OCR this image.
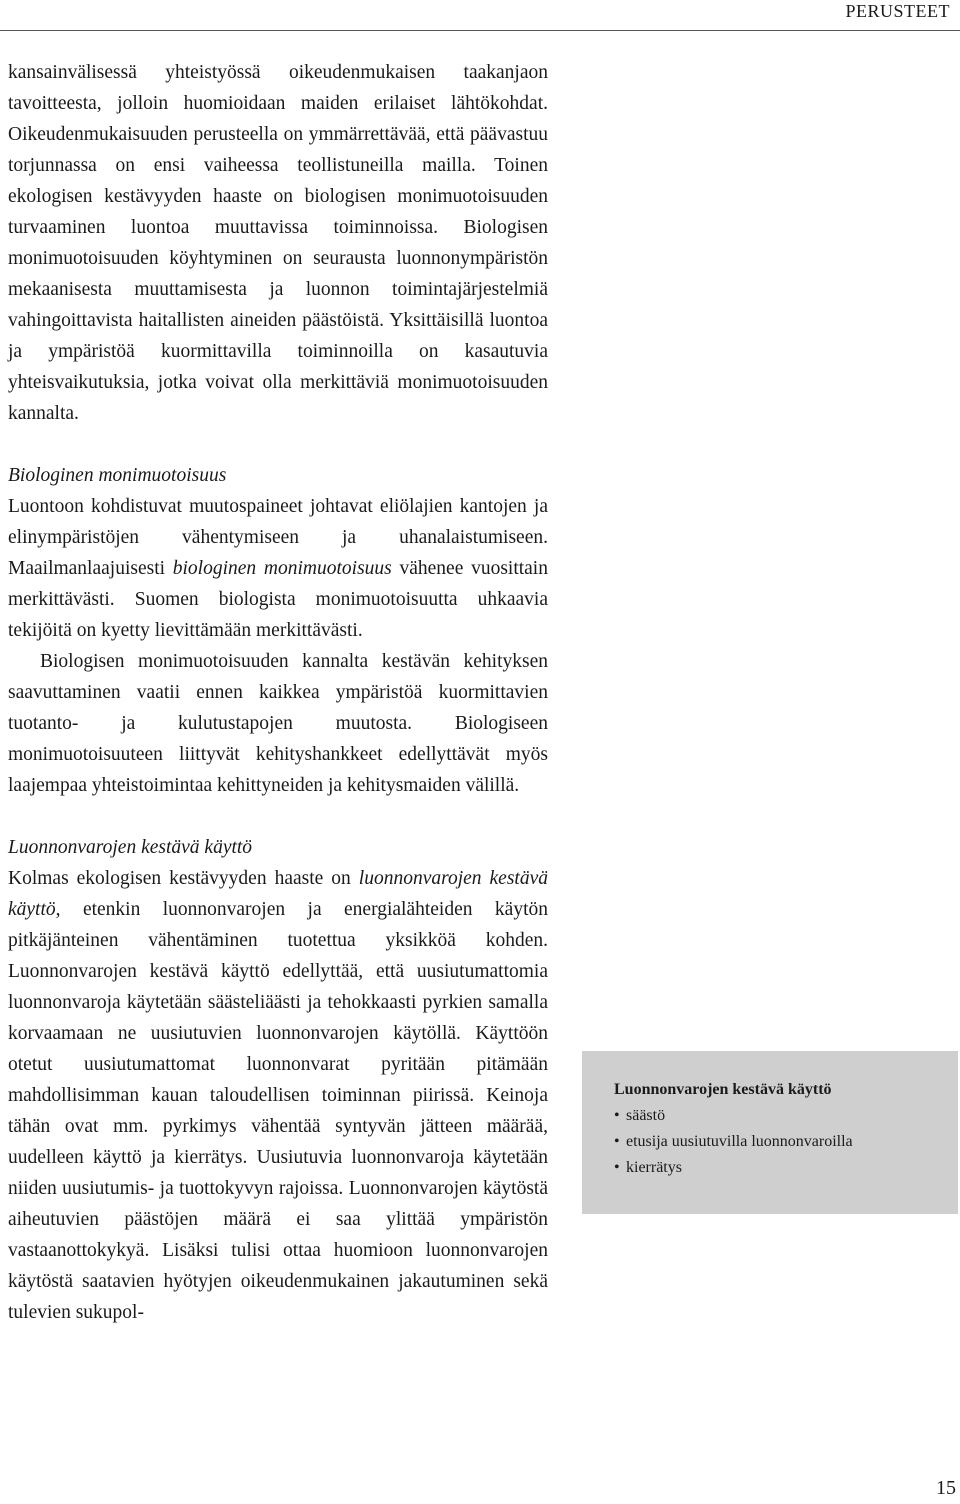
PERUSTEET

kansainvälisessä yhteistyössä oikeudenmukaisen taakanjaon tavoitteesta, jolloin huomioidaan maiden erilaiset lähtökohdat. Oikeudenmukaisuuden perusteella on ymmärrettävää, että päävastuu torjunnassa on ensi vaiheessa teollistuneilla mailla. Toinen ekologisen kestävyyden haaste on biologisen monimuotoisuuden turvaaminen luontoa muuttavissa toiminnoissa. Biologisen monimuotoisuuden köyhtyminen on seurausta luonnonympäristön mekaanisesta muuttamisesta ja luonnon toimintajärjestelmiä vahingoittavista haitallisten aineiden päästöistä. Yksittäisillä luontoa ja ympäristöä kuormittavilla toiminnoilla on kasautuvia yhteisvaikutuksia, jotka voivat olla merkittäviä monimuotoisuuden kannalta.

Biologinen monimuotoisuus

Luontoon kohdistuvat muutospaineet johtavat eliölajien kantojen ja elinympäristöjen vähentymiseen ja uhanalaistumiseen. Maailmanlaajuisesti biologinen monimuotoisuus vähenee vuosittain merkittävästi. Suomen biologista monimuotoisuutta uhkaavia tekijöitä on kyetty lievittämään merkittävästi.

Biologisen monimuotoisuuden kannalta kestävän kehityksen saavuttaminen vaatii ennen kaikkea ympäristöä kuormittavien tuotanto- ja kulutustapojen muutosta. Biologiseen monimuotoisuuteen liittyvät kehityshankkeet edellyttävät myös laajempaa yhteistoimintaa kehittyneiden ja kehitysmaiden välillä.

Luonnonvarojen kestävä käyttö

Kolmas ekologisen kestävyyden haaste on luonnonvarojen kestävä käyttö, etenkin luonnonvarojen ja energialähteiden käytön pitkäjänteinen vähentäminen tuotettua yksikköä kohden. Luonnonvarojen kestävä käyttö edellyttää, että uusiutumattomia luonnonvaroja käytetään säästeliäästi ja tehokkaasti pyrkien samalla korvaamaan ne uusiutuvien luonnonvarojen käytöllä. Käyttöön otetut uusiutumattomat luonnonvarat pyritään pitämään mahdollisimman kauan taloudellisen toiminnan piirissä. Keinoja tähän ovat mm. pyrkimys vähentää syntyvän jätteen määrää, uudelleen käyttö ja kierrätys. Uusiutuvia luonnonvaroja käytetään niiden uusiutumis- ja tuottokyvyn rajoissa. Luonnonvarojen käytöstä aiheutuvien päästöjen määrä ei saa ylittää ympäristön vastaanottokykyä. Lisäksi tulisi ottaa huomioon luonnonvarojen käytöstä saatavien hyötyjen oikeudenmukainen jakautuminen sekä tulevien sukupol-

Luonnonvarojen kestävä käyttö

• säästö
• etusija uusiutuvilla luonnonvaroilla
• kierrätys
15
